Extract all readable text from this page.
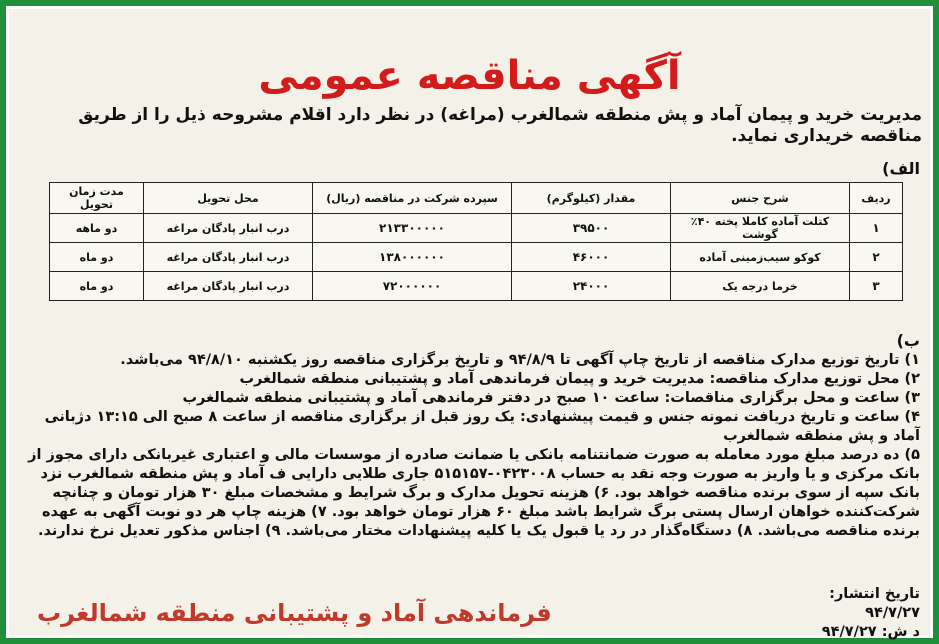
آگهی مناقصه عمومی
مدیریت خرید و پیمان آماد و پش منطقه شمالغرب (مراغه) در نظر دارد اقلام مشروحه ذیل را از طریق مناقصه خریداری نماید.
الف)
ردیف	شرح جنس	مقدار (کیلوگرم)	سپرده شرکت در مناقصه (ریال)	محل تحویل	مدت زمان تحویل
۱	کتلت آماده کاملا پخته ۴۰٪ گوشت	۳۹۵۰۰	۲۱۳۳۰۰۰۰۰	درب انبار پادگان مراغه	دو ماهه
۲	کوکو سیب‌زمینی آماده	۴۶۰۰۰	۱۳۸۰۰۰۰۰۰	درب انبار پادگان مراغه	دو ماه
۳	خرما درجه یک	۲۴۰۰۰	۷۲۰۰۰۰۰۰	درب انبار پادگان مراغه	دو ماه
ب)

۱) تاریخ توزیع مدارک مناقصه از تاریخ چاپ آگهی تا ۹۴/۸/۹ و تاریخ برگزاری مناقصه روز یکشنبه ۹۴/۸/۱۰ می‌باشد.

۲) محل توزیع مدارک مناقصه: مدیریت خرید و پیمان فرماندهی آماد و پشتیبانی منطقه شمالغرب

۳) ساعت و محل برگزاری مناقصات: ساعت ۱۰ صبح در دفتر فرماندهی آماد و پشتیبانی منطقه شمالغرب

۴) ساعت و تاریخ دریافت نمونه جنس و قیمت پیشنهادی: یک روز قبل از برگزاری مناقصه از ساعت ۸ صبح الی ۱۳:۱۵ دژبانی آماد و پش منطقه شمالغرب

۵) ده درصد مبلغ مورد معامله به صورت ضمانتنامه بانکی یا ضمانت صادره از موسسات مالی و اعتباری غیربانکی دارای مجوز از بانک مرکزی و یا واریز به صورت وجه نقد به حساب ۰۴۲۳۰۰۸-۵۱۵۱۵۷ جاری طلایی دارایی ف آماد و پش منطقه شمالغرب نزد بانک سپه از سوی برنده مناقصه خواهد بود. ۶) هزینه تحویل مدارک و برگ شرایط و مشخصات مبلغ ۳۰ هزار تومان و چنانچه شرکت‌کننده خواهان ارسال پستی برگ شرایط باشد مبلغ ۶۰ هزار تومان خواهد بود. ۷) هزینه چاپ هر دو نوبت آگهی به عهده برنده مناقصه می‌باشد. ۸) دستگاه‌گذار در رد یا قبول یک یا کلیه پیشنهادات مختار می‌باشد. ۹) اجناس مذکور تعدیل نرخ ندارند.

تاریخ انتشار:
۹۴/۷/۲۷
د ش: ۹۴/۷/۲۷
فرماندهی آماد و پشتیبانی منطقه شمالغرب
